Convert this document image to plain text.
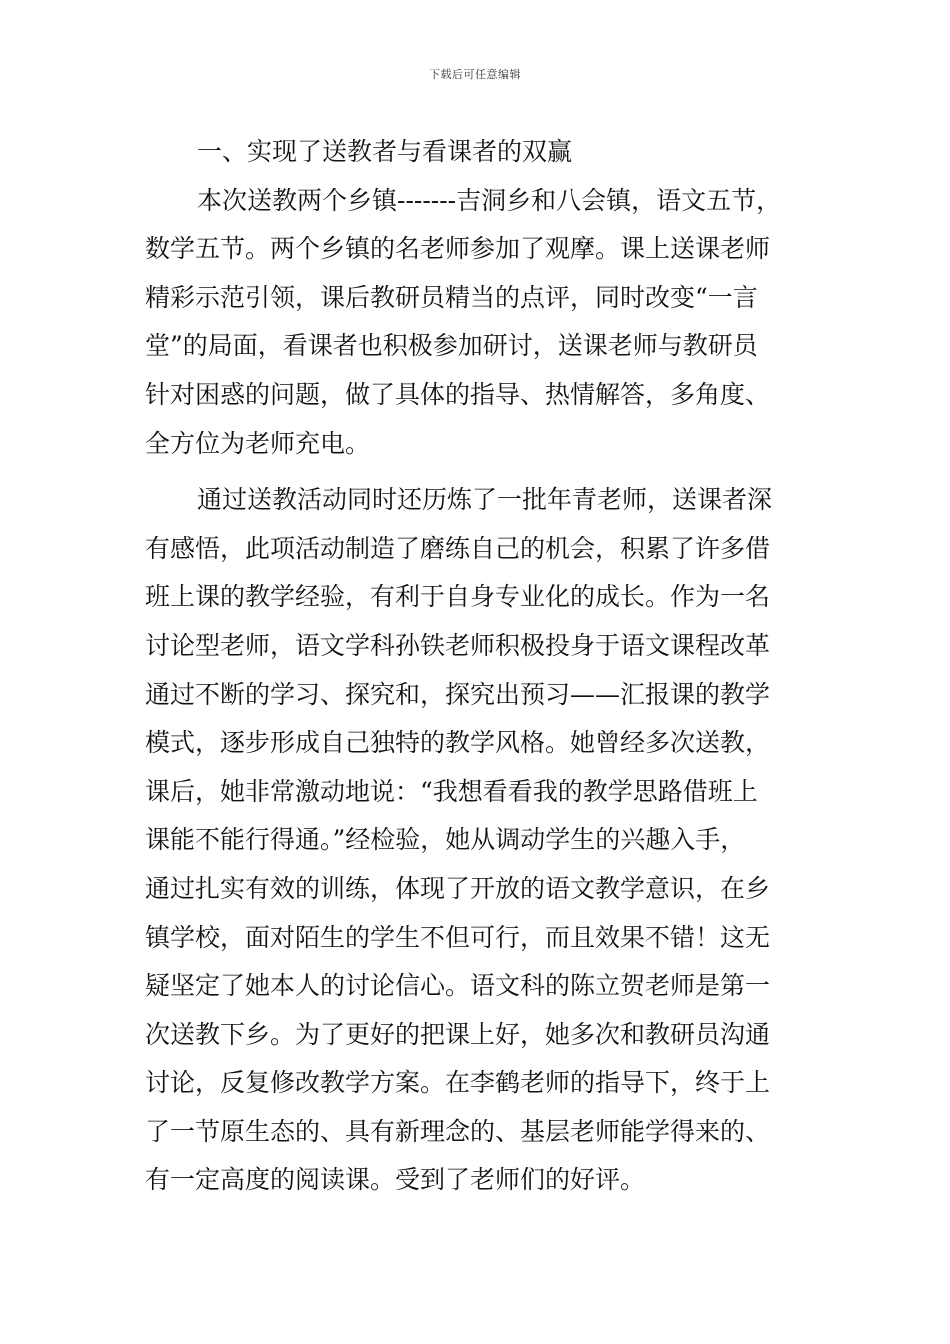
下载后可任意编辑
一、实现了送教者与看课者的双赢
本次送教两个乡镇-------吉洞乡和八会镇，语文五节，
数学五节。两个乡镇的名老师参加了观摩。课上送课老师
精彩示范引领，课后教研员精当的点评，同时改变“一言
堂”的局面，看课者也积极参加研讨，送课老师与教研员
针对困惑的问题，做了具体的指导、热情解答，多角度、
全方位为老师充电。
通过送教活动同时还历炼了一批年青老师，送课者深
有感悟，此项活动制造了磨练自己的机会，积累了许多借
班上课的教学经验，有利于自身专业化的成长。作为一名
讨论型老师，语文学科孙铁老师积极投身于语文课程改革
通过不断的学习、探究和，探究出预习——汇报课的教学
模式，逐步形成自己独特的教学风格。她曾经多次送教，
课后，她非常激动地说：“我想看看我的教学思路借班上
课能不能行得通。”经检验，她从调动学生的兴趣入手，
通过扎实有效的训练，体现了开放的语文教学意识，在乡
镇学校，面对陌生的学生不但可行，而且效果不错！这无
疑坚定了她本人的讨论信心。语文科的陈立贺老师是第一
次送教下乡。为了更好的把课上好，她多次和教研员沟通
讨论，反复修改教学方案。在李鹤老师的指导下，终于上
了一节原生态的、具有新理念的、基层老师能学得来的、
有一定高度的阅读课。受到了老师们的好评。
